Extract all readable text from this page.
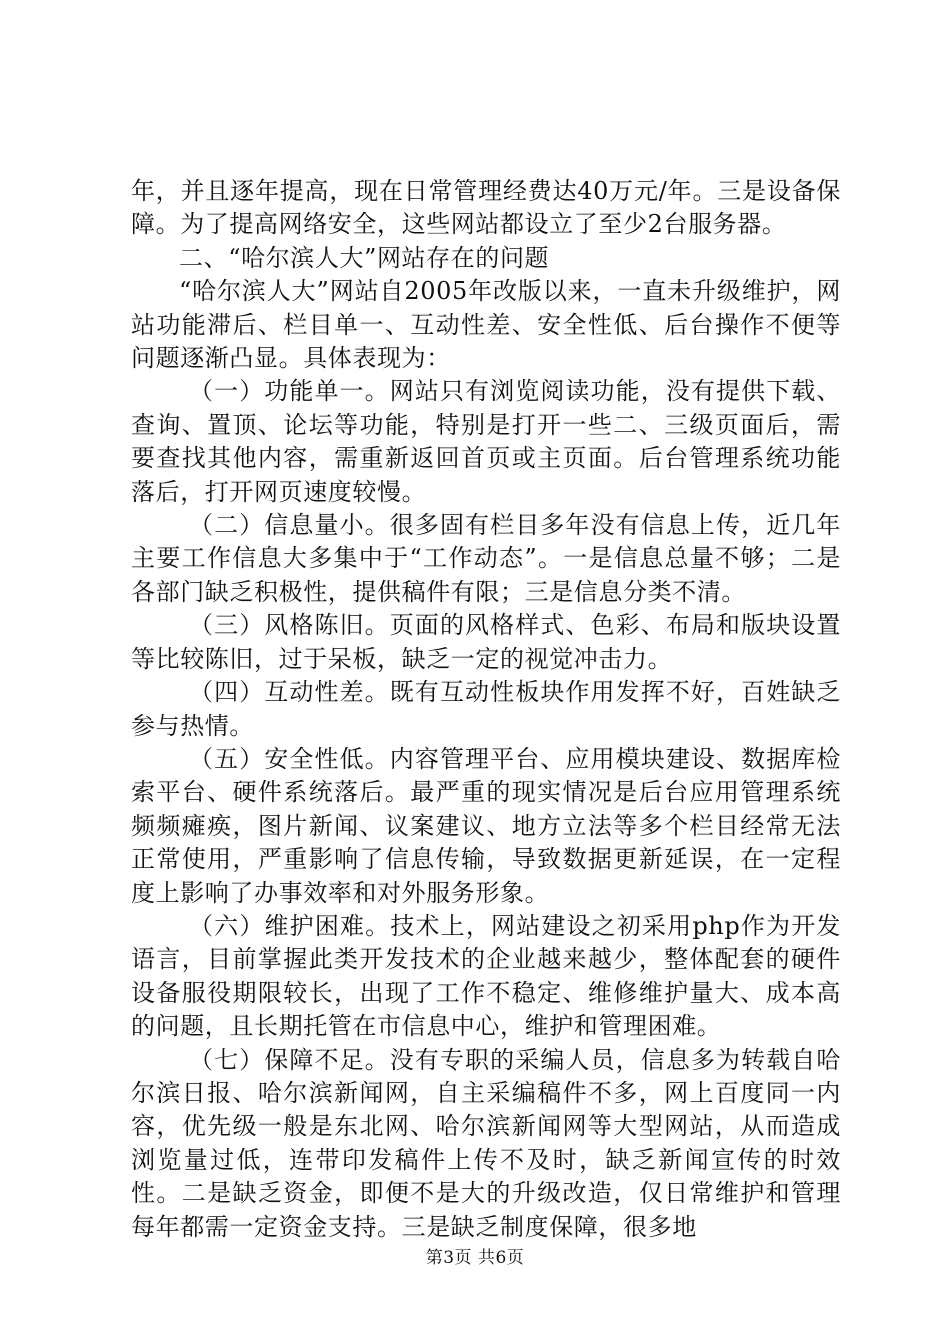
年，并且逐年提高，现在日常管理经费达40万元/年。三是设备保障。为了提高网络安全，这些网站都设立了至少2台服务器。

二、“哈尔滨人大”网站存在的问题

“哈尔滨人大”网站自2005年改版以来，一直未升级维护，网站功能滞后、栏目单一、互动性差、安全性低、后台操作不便等问题逐渐凸显。具体表现为：

（一）功能单一。网站只有浏览阅读功能，没有提供下载、查询、置顶、论坛等功能，特别是打开一些二、三级页面后，需要查找其他内容，需重新返回首页或主页面。后台管理系统功能落后，打开网页速度较慢。

（二）信息量小。很多固有栏目多年没有信息上传，近几年主要工作信息大多集中于“工作动态”。一是信息总量不够；二是各部门缺乏积极性，提供稿件有限；三是信息分类不清。

（三）风格陈旧。页面的风格样式、色彩、布局和版块设置等比较陈旧，过于呆板，缺乏一定的视觉冲击力。

（四）互动性差。既有互动性板块作用发挥不好，百姓缺乏参与热情。

（五）安全性低。内容管理平台、应用模块建设、数据库检索平台、硬件系统落后。最严重的现实情况是后台应用管理系统频频瘫痪，图片新闻、议案建议、地方立法等多个栏目经常无法正常使用，严重影响了信息传输，导致数据更新延误，在一定程度上影响了办事效率和对外服务形象。

（六）维护困难。技术上，网站建设之初采用php作为开发语言，目前掌握此类开发技术的企业越来越少，整体配套的硬件设备服役期限较长，出现了工作不稳定、维修维护量大、成本高的问题，且长期托管在市信息中心，维护和管理困难。

（七）保障不足。没有专职的采编人员，信息多为转载自哈尔滨日报、哈尔滨新闻网，自主采编稿件不多，网上百度同一内容，优先级一般是东北网、哈尔滨新闻网等大型网站，从而造成浏览量过低，连带印发稿件上传不及时，缺乏新闻宣传的时效性。二是缺乏资金，即便不是大的升级改造，仅日常维护和管理每年都需一定资金支持。三是缺乏制度保障，很多地

第3页 共6页
